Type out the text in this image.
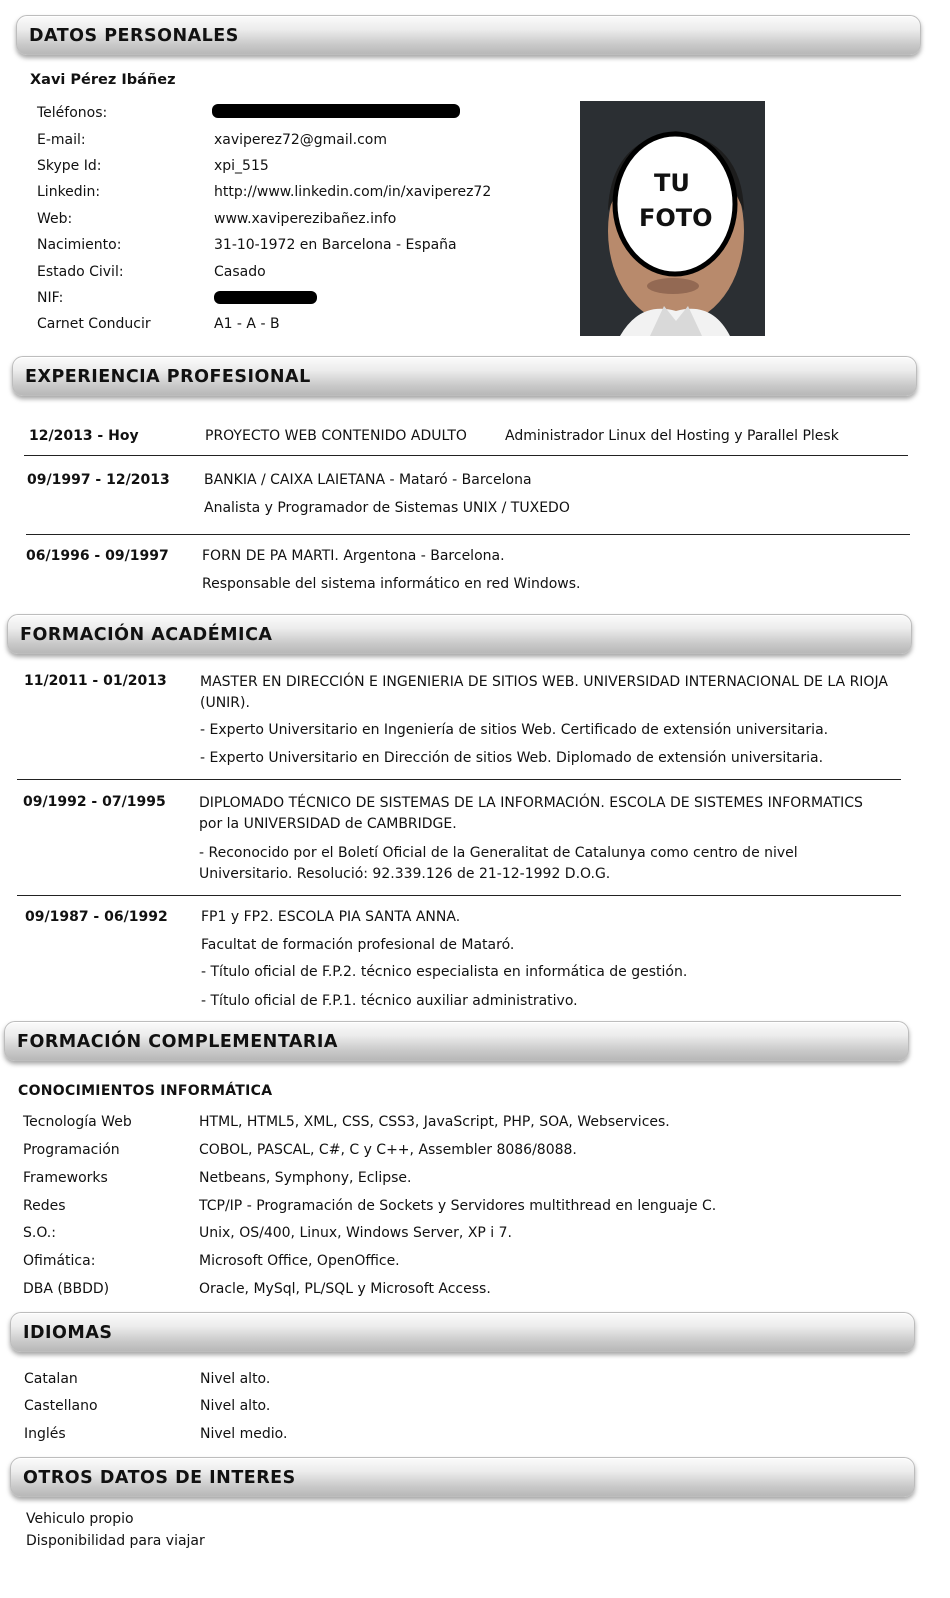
DATOS PERSONALES
Xavi Pérez Ibáñez
Teléfonos:
E-mail:	xaviperez72@gmail.com
Skype Id:	xpi_515
Linkedin:	http://www.linkedin.com/in/xaviperez72
Web:	www.xaviperezibañez.info
Nacimiento:	31-10-1972 en Barcelona - España
Estado Civil:	Casado
NIF:
Carnet Conducir	A1 - A - B
TU
FOTO
EXPERIENCIA PROFESIONAL
12/2013 - Hoy	PROYECTO WEB CONTENIDO ADULTO	Administrador Linux del Hosting y Parallel Plesk
09/1997 - 12/2013 BANKIA / CAIXA LAIETANA - Mataró - Barcelona
Analista y Programador de Sistemas UNIX / TUXEDO
06/1996 - 09/1997 FORN DE PA MARTI. Argentona - Barcelona.
Responsable del sistema informático en red Windows.
FORMACIÓN ACADÉMICA
11/2011 - 01/2013 MASTER EN DIRECCIÓN E INGENIERIA DE SITIOS WEB. UNIVERSIDAD INTERNACIONAL DE LA RIOJA (UNIR).
- Experto Universitario en Ingeniería de sitios Web. Certificado de extensión universitaria.
- Experto Universitario en Dirección de sitios Web. Diplomado de extensión universitaria.
09/1992 - 07/1995 DIPLOMADO TÉCNICO DE SISTEMAS DE LA INFORMACIÓN. ESCOLA DE SISTEMES INFORMATICS por la UNIVERSIDAD de CAMBRIDGE.
- Reconocido por el Boletí Oficial de la Generalitat de Catalunya como centro de nivel Universitario. Resolució: 92.339.126 de 21-12-1992 D.O.G.
09/1987 - 06/1992 FP1 y FP2. ESCOLA PIA SANTA ANNA.
Facultat de formación profesional de Mataró.
- Título oficial de F.P.2. técnico especialista en informática de gestión.
- Título oficial de F.P.1. técnico auxiliar administrativo.
FORMACIÓN COMPLEMENTARIA
CONOCIMIENTOS INFORMÁTICA
Tecnología Web	HTML, HTML5, XML, CSS, CSS3, JavaScript, PHP, SOA, Webservices.
Programación	COBOL, PASCAL, C#, C y C++, Assembler 8086/8088.
Frameworks	Netbeans, Symphony, Eclipse.
Redes	TCP/IP - Programación de Sockets y Servidores multithread en lenguaje C.
S.O.:	Unix, OS/400, Linux, Windows Server, XP i 7.
Ofimática:	Microsoft Office, OpenOffice.
DBA (BBDD)	Oracle, MySql, PL/SQL y Microsoft Access.
IDIOMAS
Catalan	Nivel alto.
Castellano	Nivel alto.
Inglés	Nivel medio.
OTROS DATOS DE INTERES
Vehiculo propio
Disponibilidad para viajar
